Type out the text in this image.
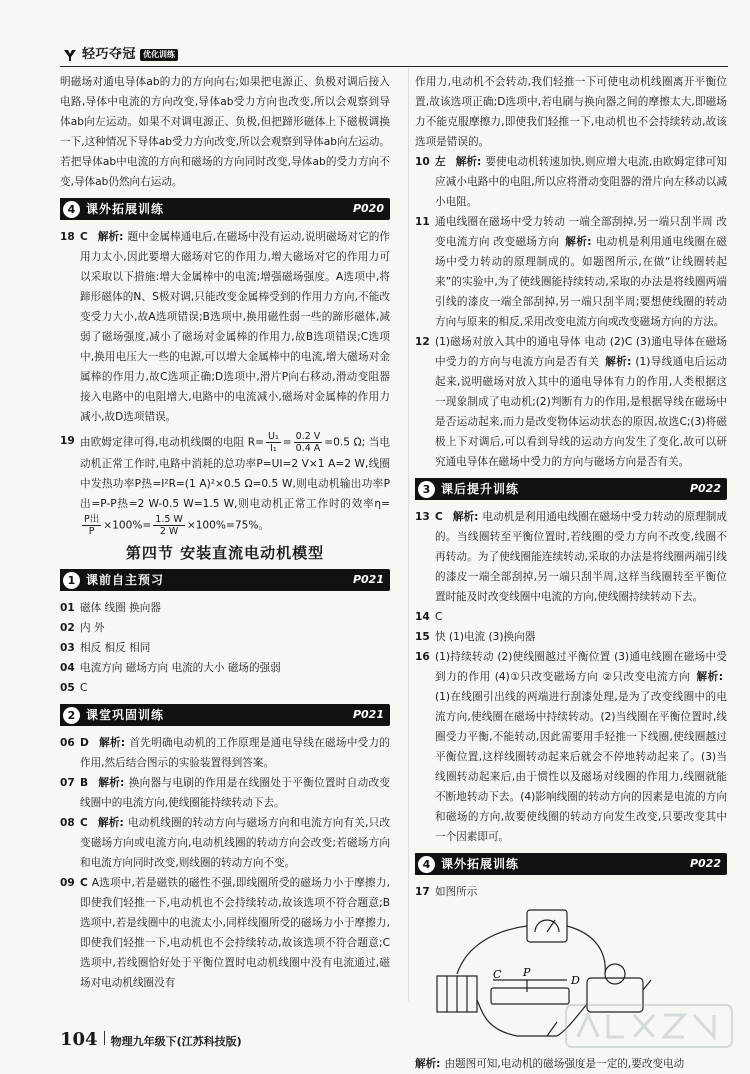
轻巧夺冠 优化训练
明磁场对通电导体ab的力的方向向右;如果把电源正、负极对调后接入电路,导体中电流的方向改变,导体ab受力方向也改变,所以会观察到导体ab向左运动。如果不对调电源正、负极,但把蹄形磁体上下磁极调换一下,这种情况下导体ab受力方向改变,所以会观察到导体ab向左运动。若把导体ab中电流的方向和磁场的方向同时改变,导体ab的受力方向不变,导体ab仍然向右运动。
4 课外拓展训练	P020
18 C 解析: 题中金属棒通电后,在磁场中没有运动,说明磁场对它的作用力太小,因此要增大磁场对它的作用力,增大磁场对它的作用力可以采取以下措施:增大金属棒中的电流;增强磁场强度。A选项中,将蹄形磁体的N、S极对调,只能改变金属棒受到的作用力方向,不能改变受力大小,故A选项错误;B选项中,换用磁性弱一些的蹄形磁体,减弱了磁场强度,减小了磁场对金属棒的作用力,故B选项错误;C选项中,换用电压大一些的电源,可以增大金属棒中的电流,增大磁场对金属棒的作用力,故C选项正确;D选项中,滑片P向右移动,滑动变阻器接入电路中的电阻增大,电路中的电流减小,磁场对金属棒的作用力减小,故D选项错误。
19 由欧姆定律可得,电动机线圈的电阻 $R= \frac{\text{U₁}}{\text{I₁}} = \frac{0.2 V}{0.4 A} =0.5$ Ω; 当电动机正常工作时,电路中消耗的总功率P=UI=2 V×1 A=2 W,线圈中发热功率P热=I²R=(1 A)²×0.5 Ω=0.5 W,则电动机输出功率P出=P-P热=2 W-0.5 W=1.5 W,则电动机正常工作时的效率η=
P出
$P \times 100\%= \frac{1.5 W}{2 W} \times 100\%=75\%$。
第四节 安装直流电动机模型
1 课前自主预习	P021
01 磁体 线圈 换向器
02 内 外
03 相反 相反 相同
04 电流方向 磁场方向 电流的大小 磁场的强弱
05 C
2 课堂巩固训练	P021
06 D 解析: 首先明确电动机的工作原理是通电导线在磁场中受力的作用,然后结合图示的实验装置得到答案。
07 B 解析: 换向器与电刷的作用是在线圈处于平衡位置时自动改变线圈中的电流方向,使线圈能持续转动下去。
08 C 解析: 电动机线圈的转动方向与磁场方向和电流方向有关,只改变磁场方向或电流方向,电动机线圈的转动方向会改变;若磁场方向和电流方向同时改变,则线圈的转动方向不变。
09 C A选项中,若是磁铁的磁性不强,即线圈所受的磁场力小于摩擦力,即使我们轻推一下,电动机也不会持续转动,故该选项不符合题意;B选项中,若是线圈中的电流太小,同样线圈所受的磁场力小于摩擦力,即使我们轻推一下,电动机也不会持续转动,故该选项不符合题意;C选项中,若线圈恰好处于平衡位置时电动机线圈中没有电流通过,磁场对电动机线圈没有
作用力,电动机不会转动,我们轻推一下可使电动机线圈离开平衡位置,故该选项正确;D选项中,若电刷与换向器之间的摩擦太大,即磁场力不能克服摩擦力,即使我们轻推一下,电动机也不会持续转动,故该选项是错误的。
10 左 解析: 要使电动机转速加快,则应增大电流,由欧姆定律可知应减小电路中的电阻,所以应将滑动变阻器的滑片向左移动以减小电阻。
11 通电线圈在磁场中受力转动 一端全部刮掉,另一端只刮半周 改变电流方向 改变磁场方向 解析: 电动机是利用通电线圈在磁场中受力转动的原理制成的。如题图所示,在做“让线圈转起来”的实验中,为了使线圈能持续转动,采取的办法是将线圈两端引线的漆皮一端全部刮掉,另一端只刮半周;要想使线圈的转动方向与原来的相反,采用改变电流方向或改变磁场方向的方法。
12 (1)磁场对放入其中的通电导体 电动 (2)C (3)通电导体在磁场中受力的方向与电流方向是否有关 解析: (1)导线通电后运动起来,说明磁场对放入其中的通电导体有力的作用,人类根据这一现象制成了电动机;(2)判断有力的作用,是根据导线在磁场中是否运动起来,而力是改变物体运动状态的原因,故选C;(3)将磁极上下对调后,可以看到导线的运动方向发生了变化,故可以研究通电导体在磁场中受力的方向与磁场方向是否有关。
3 课后提升训练	P022
13 C 解析: 电动机是利用通电线圈在磁场中受力转动的原理制成的。当线圈转至平衡位置时,若线圈的受力方向不改变,线圈不再转动。为了使线圈能连续转动,采取的办法是将线圈两端引线的漆皮一端全部刮掉,另一端只刮半周,这样当线圈转至平衡位置时能及时改变线圈中电流的方向,使线圈持续转动下去。
14 C
15 快 (1)电流 (3)换向器
16 (1)持续转动 (2)使线圈越过平衡位置 (3)通电线圈在磁场中受到力的作用 (4)①只改变磁场方向 ②只改变电流方向 解析:(1)在线圈引出线的两端进行刮漆处理,是为了改变线圈中的电流方向,使线圈在磁场中持续转动。(2)当线圈在平衡位置时,线圈受力平衡,不能转动,因此需要用手轻推一下线圈,使线圈越过平衡位置,这样线圈转动起来后就会不停地转动起来了。(3)当线圈转动起来后,由于惯性以及磁场对线圈的作用力,线圈就能不断地转动下去。(4)影响线圈的转动方向的因素是电流的方向和磁场的方向,故要使线圈的转动方向发生改变,只要改变其中一个因素即可。
4 课外拓展训练	P022
17 如图所示
C P
D
解析: 由题图可知,电动机的磁场强度是一定的,要改变电动
104 物理九年级下(江苏科技版)
